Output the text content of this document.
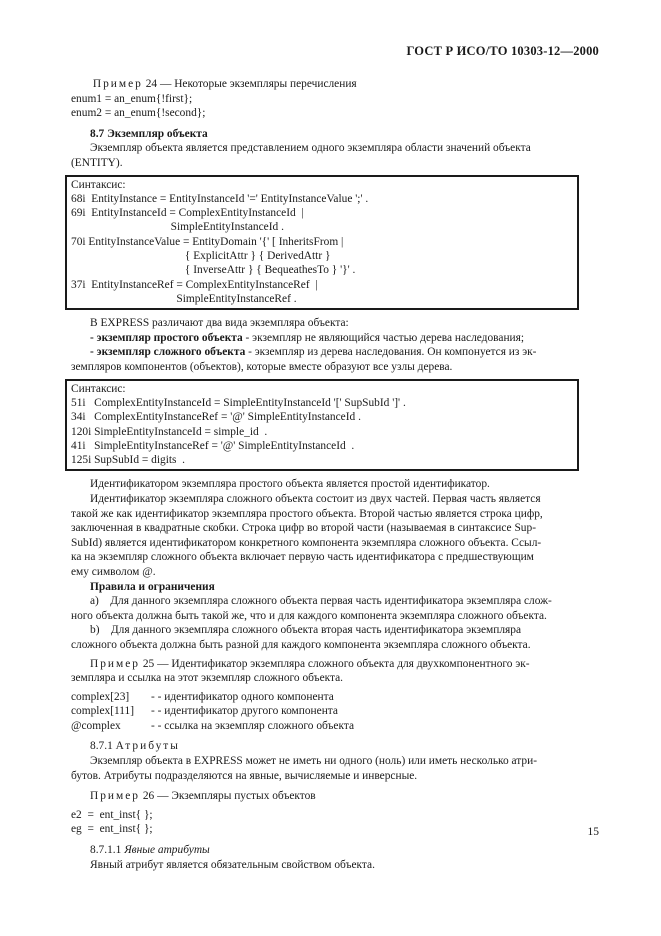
ГОСТ Р ИСО/ТО 10303-12—2000
Пример 24 — Некоторые экземпляры перечисления
enum1 = an_enum{!first};
enum2 = an_enum{!second};
8.7 Экземпляр объекта
Экземпляр объекта является представлением одного экземпляра области значений объекта
(ENTITY).
Синтаксис:
68i  EntityInstance = EntityInstanceId '=' EntityInstanceValue ';' .
69i  EntityInstanceId = ComplexEntityInstanceId  |
SimpleEntityInstanceId .
70i EntityInstanceValue = EntityDomain '{' [ InheritsFrom |
{ ExplicitAttr } { DerivedAttr }
{ InverseAttr } { BequeathesTo } '}' .
37i  EntityInstanceRef = ComplexEntityInstanceRef  |
SimpleEntityInstanceRef .
В EXPRESS различают два вида экземпляра объекта:
- экземпляр простого объекта - экземпляр не являющийся частью дерева наследования;
- экземпляр сложного объекта - экземпляр из дерева наследования. Он компонуется из эк-
земпляров компонентов (объектов), которые вместе образуют все узлы дерева.
Синтаксис:
51i   ComplexEntityInstanceId = SimpleEntityInstanceId '[' SupSubId ']' .
34i   ComplexEntityInstanceRef = '@' SimpleEntityInstanceId .
120i SimpleEntityInstanceId = simple_id  .
41i   SimpleEntityInstanceRef = '@' SimpleEntityInstanceId  .
125i SupSubId = digits  .
Идентификатором экземпляра простого объекта является простой идентификатор.
Идентификатор экземпляра сложного объекта состоит из двух частей. Первая часть является
такой же как идентификатор экземпляра простого объекта. Второй частью является строка цифр,
заключенная в квадратные скобки. Строка цифр во второй части (называемая в синтаксисе Sup-
SubId) является идентификатором конкретного компонента экземпляра сложного объекта. Ссыл-
ка на экземпляр сложного объекта включает первую часть идентификатора с предшествующим
ему символом @.
Правила и ограничения
a)    Для данного экземпляра сложного объекта первая часть идентификатора экземпляра слож-
ного объекта должна быть такой же, что и для каждого компонента экземпляра сложного объекта.
b)    Для данного экземпляра сложного объекта вторая часть идентификатора экземпляра
сложного объекта должна быть разной для каждого компонента экземпляра сложного объекта.
Пример 25 — Идентификатор экземпляра сложного объекта для двухкомпонентного эк-
земпляра и ссылка на этот экземпляр сложного объекта.
complex[23]	- - идентификатор одного компонента
complex[111]	- - идентификатор другого компонента
@complex	- - ссылка на экземпляр сложного объекта
8.7.1 Атрибуты
Экземпляр объекта в EXPRESS может не иметь ни одного (ноль) или иметь несколько атри-
бутов. Атрибуты подразделяются на явные, вычисляемые и инверсные.
Пример 26 — Экземпляры пустых объектов
e2  =  ent_inst{ };
eg  =  ent_inst{ };
8.7.1.1 Явные атрибуты
Явный атрибут является обязательным свойством объекта.
15
